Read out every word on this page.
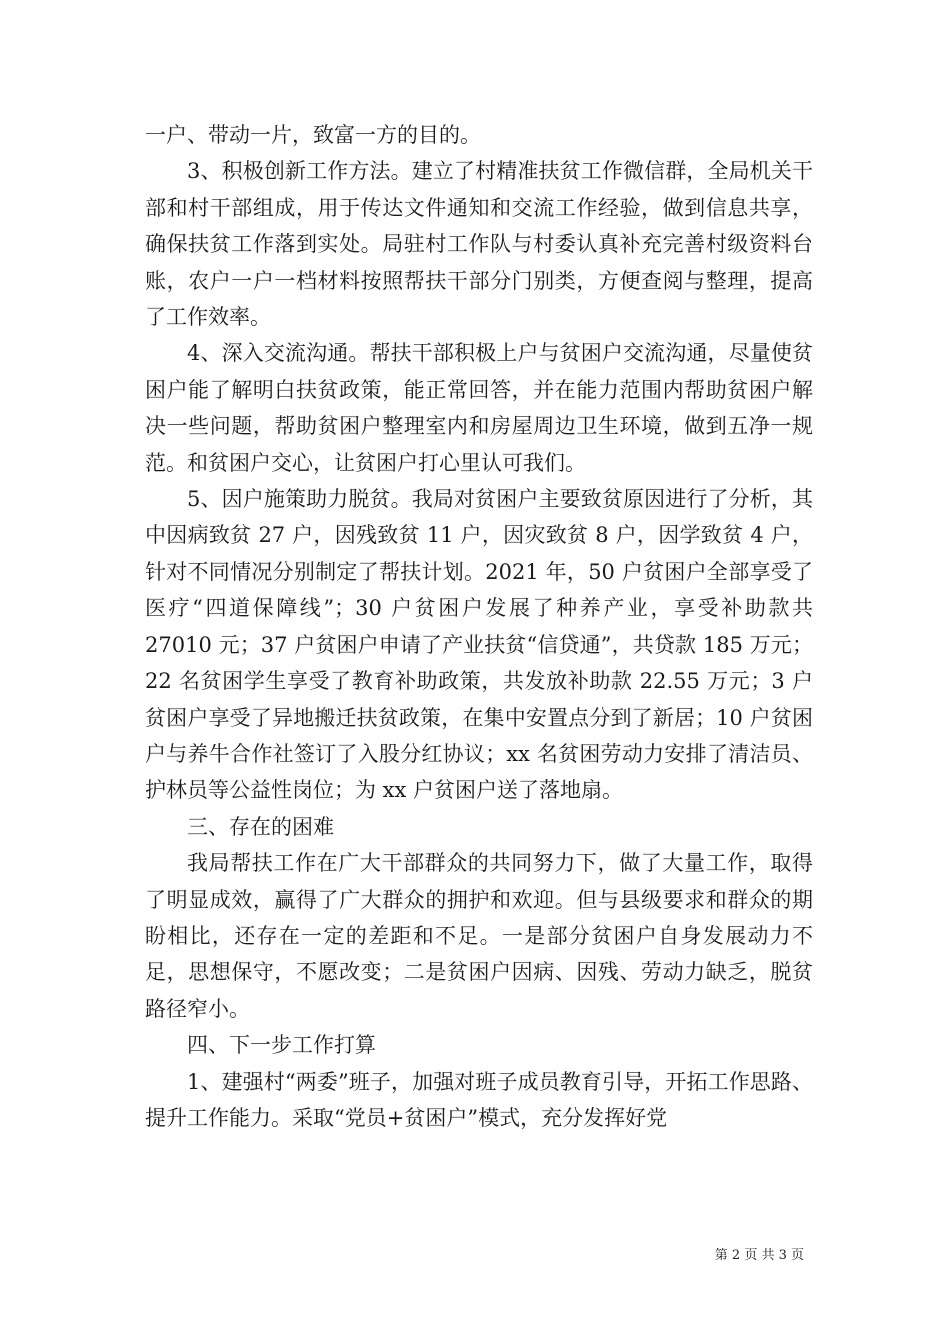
一户、带动一片，致富一方的目的。

3、积极创新工作方法。建立了村精准扶贫工作微信群，全局机关干部和村干部组成，用于传达文件通知和交流工作经验，做到信息共享，确保扶贫工作落到实处。局驻村工作队与村委认真补充完善村级资料台账，农户一户一档材料按照帮扶干部分门别类，方便查阅与整理，提高了工作效率。

4、深入交流沟通。帮扶干部积极上户与贫困户交流沟通，尽量使贫困户能了解明白扶贫政策，能正常回答，并在能力范围内帮助贫困户解决一些问题，帮助贫困户整理室内和房屋周边卫生环境，做到五净一规范。和贫困户交心，让贫困户打心里认可我们。

5、因户施策助力脱贫。我局对贫困户主要致贫原因进行了分析，其中因病致贫 27 户，因残致贫 11 户，因灾致贫 8 户，因学致贫 4 户，针对不同情况分别制定了帮扶计划。2021 年，50 户贫困户全部享受了医疗“四道保障线”；30 户贫困户发展了种养产业，享受补助款共 27010 元；37 户贫困户申请了产业扶贫“信贷通”，共贷款 185 万元；22 名贫困学生享受了教育补助政策，共发放补助款 22.55 万元；3 户贫困户享受了异地搬迁扶贫政策，在集中安置点分到了新居；10 户贫困户与养牛合作社签订了入股分红协议；xx 名贫困劳动力安排了清洁员、护林员等公益性岗位；为 xx 户贫困户送了落地扇。

三、存在的困难

我局帮扶工作在广大干部群众的共同努力下，做了大量工作，取得了明显成效，赢得了广大群众的拥护和欢迎。但与县级要求和群众的期盼相比，还存在一定的差距和不足。一是部分贫困户自身发展动力不足，思想保守，不愿改变；二是贫困户因病、因残、劳动力缺乏，脱贫路径窄小。

四、下一步工作打算

1、建强村“两委”班子，加强对班子成员教育引导，开拓工作思路、提升工作能力。采取“党员+贫困户”模式，充分发挥好党

第 2 页 共 3 页
